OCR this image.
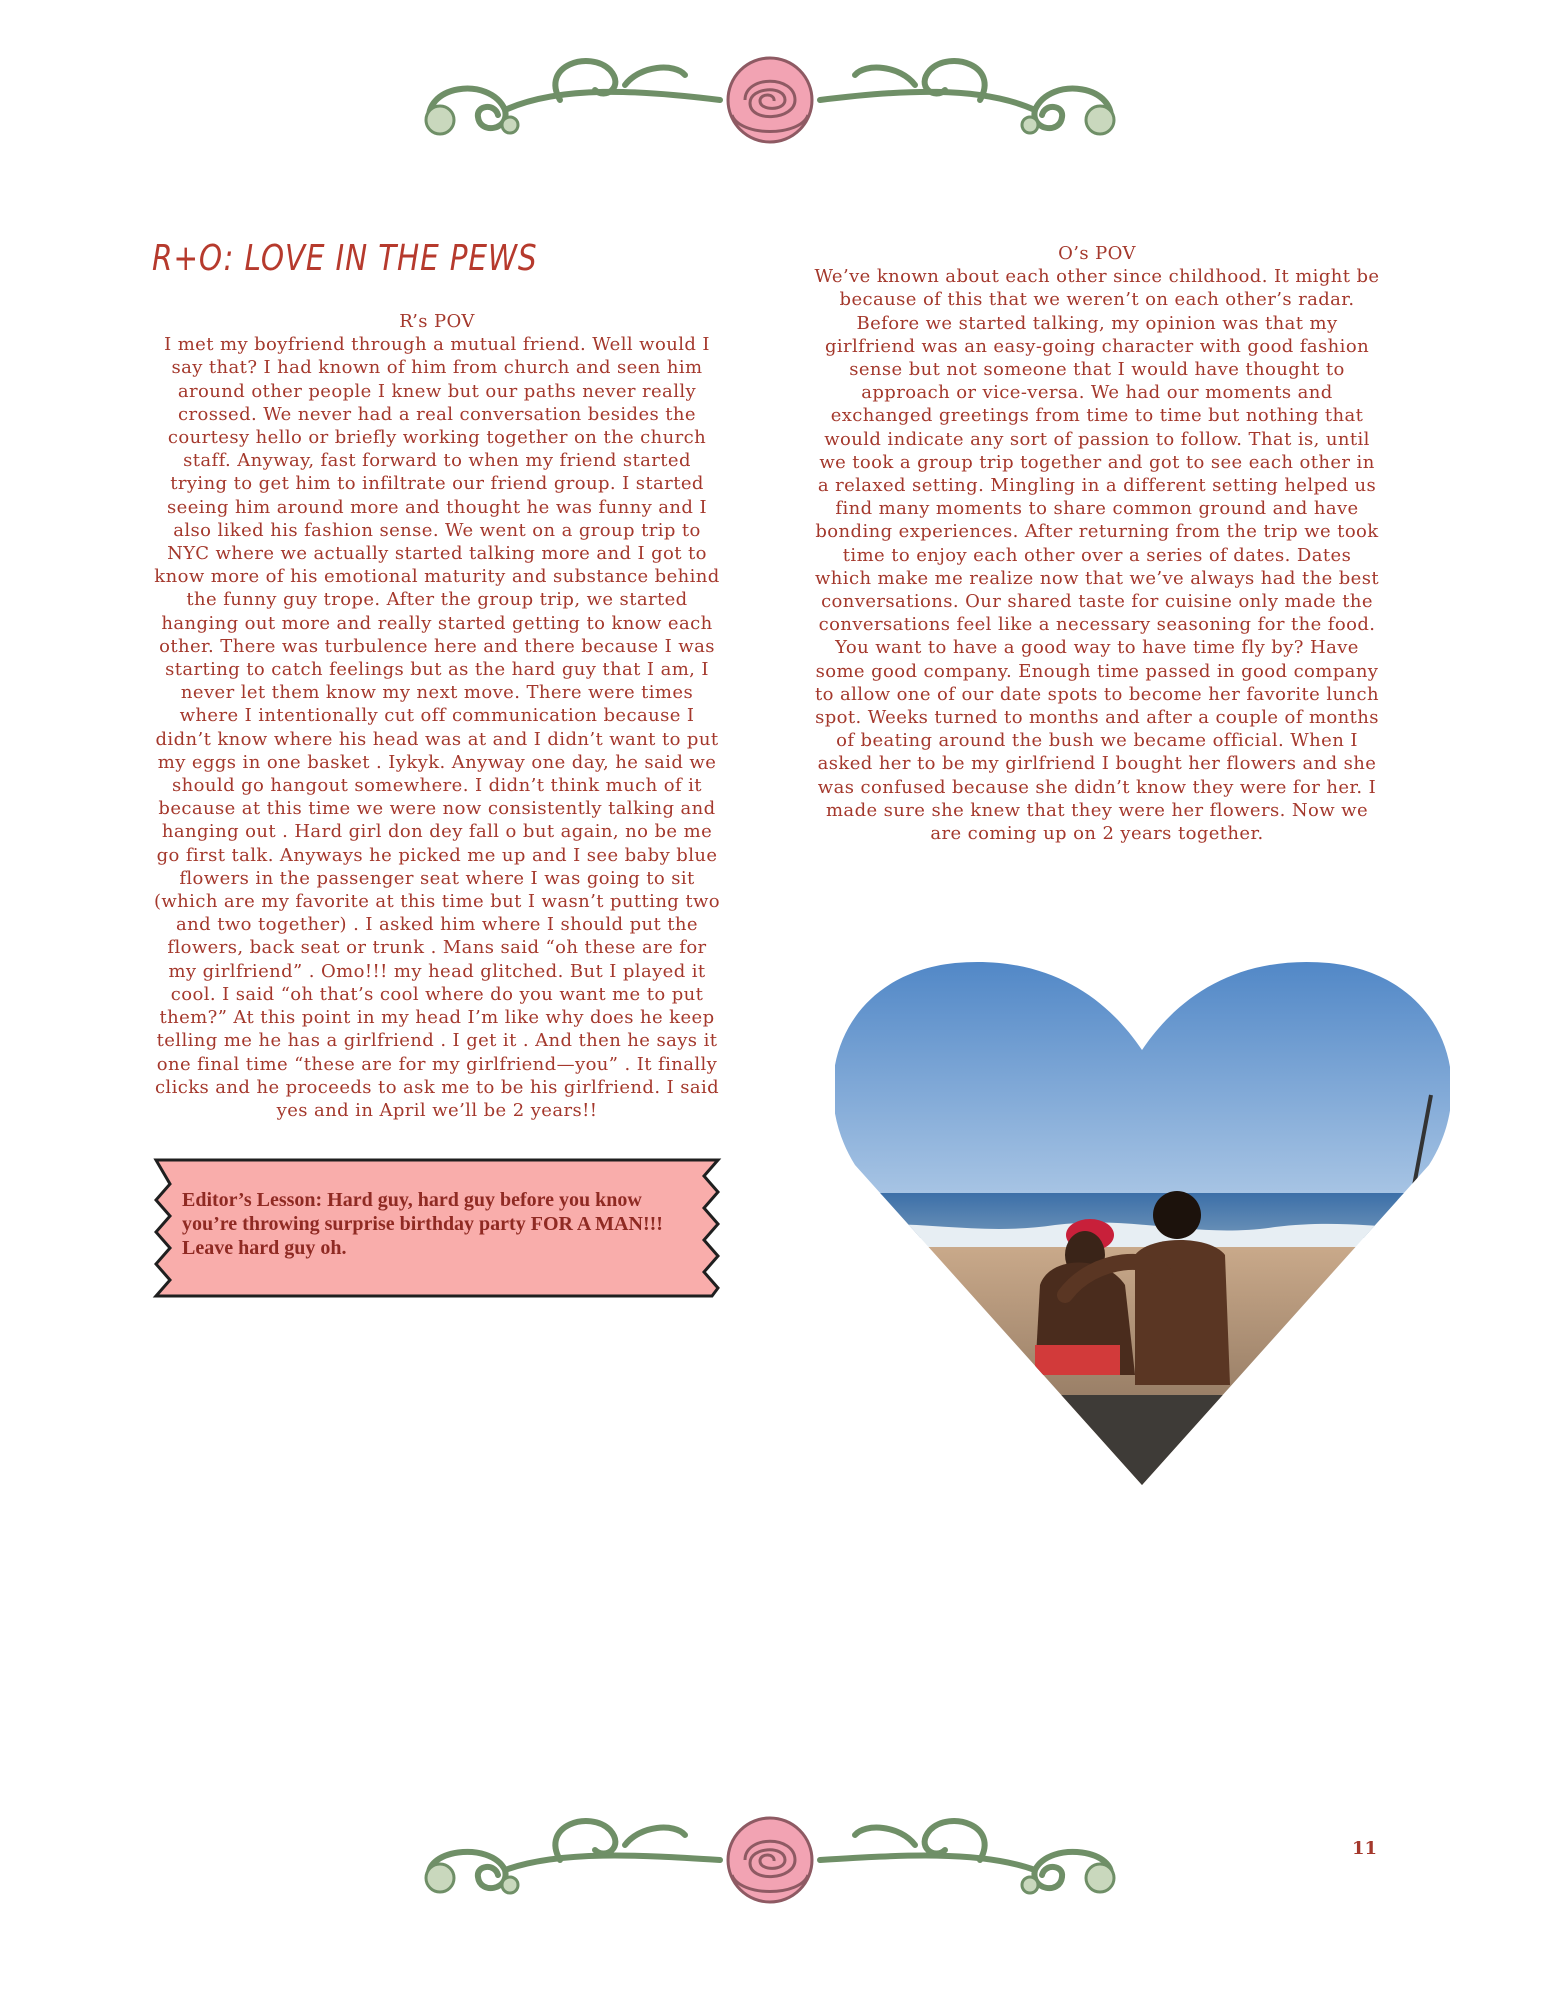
R+O: LOVE IN THE PEWS
R’s POV
I met my boyfriend through a mutual friend. Well would I say that? I had known of him from church and seen him around other people I knew but our paths never really crossed. We never had a real conversation besides the courtesy hello or briefly working together on the church staff. Anyway, fast forward to when my friend started trying to get him to infiltrate our friend group. I started seeing him around more and thought he was funny and I also liked his fashion sense. We went on a group trip to NYC where we actually started talking more and I got to know more of his emotional maturity and substance behind the funny guy trope. After the group trip, we started hanging out more and really started getting to know each other. There was turbulence here and there because I was starting to catch feelings but as the hard guy that I am, I never let them know my next move. There were times where I intentionally cut off communication because I didn’t know where his head was at and I didn’t want to put my eggs in one basket . Iykyk. Anyway one day, he said we should go hangout somewhere. I didn’t think much of it because at this time we were now consistently talking and hanging out . Hard girl don dey fall o but again, no be me go first talk. Anyways he picked me up and I see baby blue flowers in the passenger seat where I was going to sit (which are my favorite at this time but I wasn’t putting two and two together) . I asked him where I should put the flowers, back seat or trunk . Mans said “oh these are for my girlfriend” . Omo!!! my head glitched. But I played it cool. I said “oh that’s cool where do you want me to put them?” At this point in my head I’m like why does he keep telling me he has a girlfriend . I get it . And then he says it one final time “these are for my girlfriend—you” . It finally clicks and he proceeds to ask me to be his girlfriend. I said yes and in April we’ll be 2 years!!
O’s POV
We’ve known about each other since childhood. It might be because of this that we weren’t on each other’s radar. Before we started talking, my opinion was that my girlfriend was an easy-going character with good fashion sense but not someone that I would have thought to approach or vice-versa. We had our moments and exchanged greetings from time to time but nothing that would indicate any sort of passion to follow. That is, until we took a group trip together and got to see each other in a relaxed setting. Mingling in a different setting helped us find many moments to share common ground and have bonding experiences. After returning from the trip we took time to enjoy each other over a series of dates. Dates which make me realize now that we’ve always had the best conversations. Our shared taste for cuisine only made the conversations feel like a necessary seasoning for the food. You want to have a good way to have time fly by? Have some good company. Enough time passed in good company to allow one of our date spots to become her favorite lunch spot. Weeks turned to months and after a couple of months of beating around the bush we became official. When I asked her to be my girlfriend I bought her flowers and she was confused because she didn’t know they were for her. I made sure she knew that they were her flowers. Now we are coming up on 2 years together.
Editor’s Lesson: Hard guy, hard guy before you know you’re throwing surprise birthday party FOR A MAN!!! Leave hard guy oh.
11
